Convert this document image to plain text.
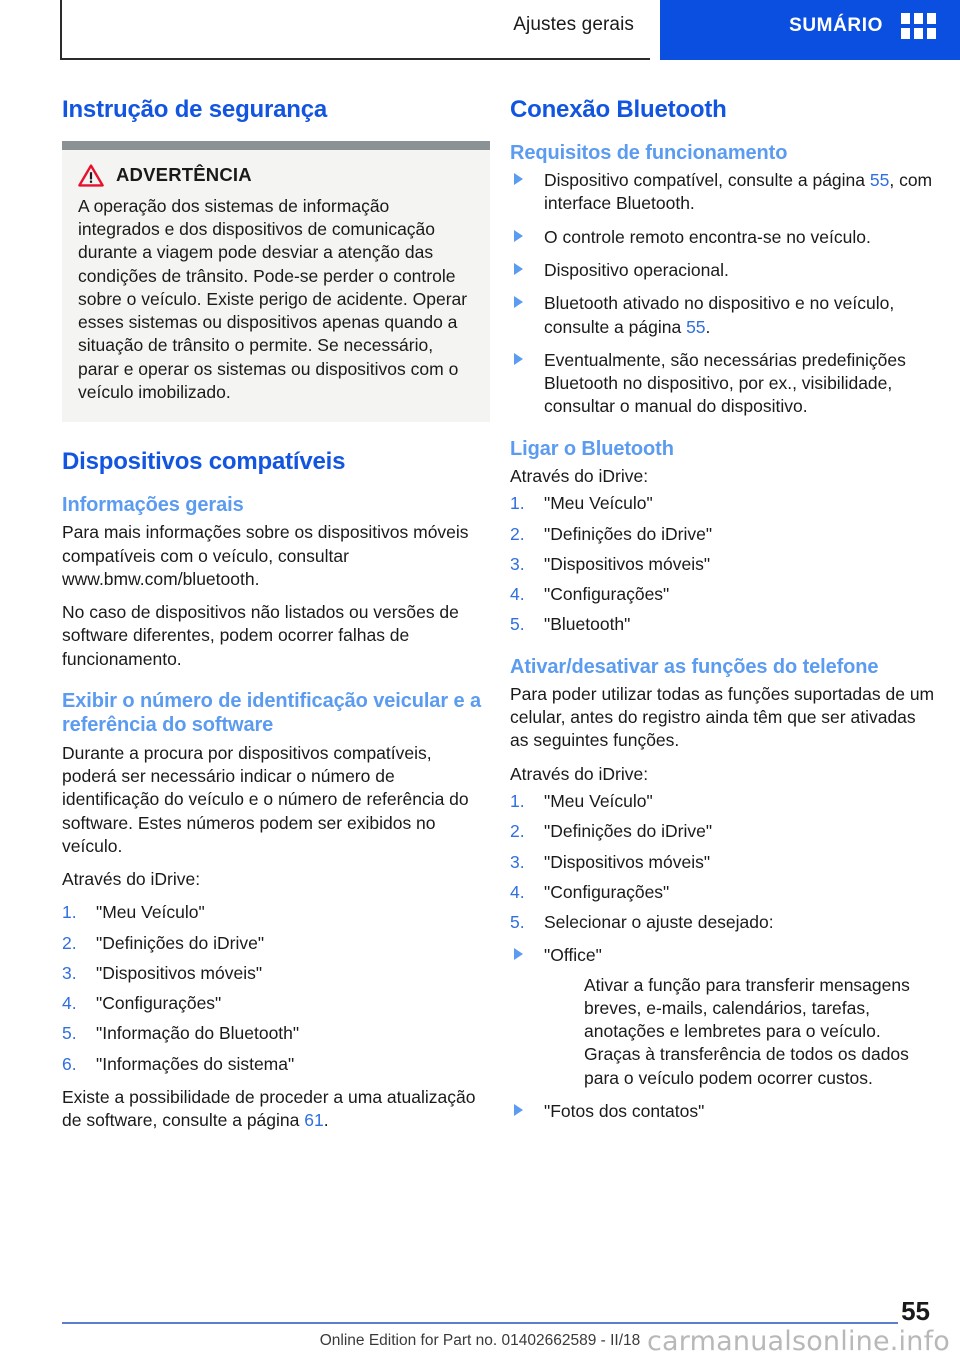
Ajustes gerais	SUMÁRIO
Instrução de segurança
ADVERTÊNCIA

A operação dos sistemas de informação integrados e dos dispositivos de comunicação durante a viagem pode desviar a atenção das condições de trânsito. Pode-se perder o controle sobre o veículo. Existe perigo de acidente. Operar esses sistemas ou dispositivos apenas quando a situação de trânsito o permite. Se necessário, parar e operar os sistemas ou dispositivos com o veículo imobilizado.

Dispositivos compatíveis
Informações gerais

Para mais informações sobre os dispositivos móveis compatíveis com o veículo, consultar www.bmw.com/bluetooth.

No caso de dispositivos não listados ou versões de software diferentes, podem ocorrer falhas de funcionamento.

Exibir o número de identificação veicular e a referência do software

Durante a procura por dispositivos compatíveis, poderá ser necessário indicar o número de identificação do veículo e o número de referência do software. Estes números podem ser exibidos no veículo.

Através do iDrive:

1.	"Meu Veículo"
2.	"Definições do iDrive"
3.	"Dispositivos móveis"
4.	"Configurações"
5.	"Informação do Bluetooth"
6.	"Informações do sistema"

Existe a possibilidade de proceder a uma atualização de software, consulte a página 61.

Conexão Bluetooth
Requisitos de funcionamento
Dispositivo compatível, consulte a página 55, com interface Bluetooth.
O controle remoto encontra-se no veículo.
Dispositivo operacional.
Bluetooth ativado no dispositivo e no veículo, consulte a página 55.
Eventualmente, são necessárias predefinições Bluetooth no dispositivo, por ex., visibilidade, consultar o manual do dispositivo.
Ligar o Bluetooth

Através do iDrive:

1.	"Meu Veículo"
2.	"Definições do iDrive"
3.	"Dispositivos móveis"
4.	"Configurações"
5.	"Bluetooth"
Ativar/desativar as funções do telefone

Para poder utilizar todas as funções suportadas de um celular, antes do registro ainda têm que ser ativadas as seguintes funções.

Através do iDrive:

1.	"Meu Veículo"
2.	"Definições do iDrive"
3.	"Dispositivos móveis"
4.	"Configurações"
5.	Selecionar o ajuste desejado:
"Office"

Ativar a função para transferir mensagens breves, e-mails, calendários, tarefas, anotações e lembretes para o veículo. Graças à transferência de todos os dados para o veículo podem ocorrer custos.

"Fotos dos contatos"
55
Online Edition for Part no. 01402662589 - II/18 carmanualsonline.info
